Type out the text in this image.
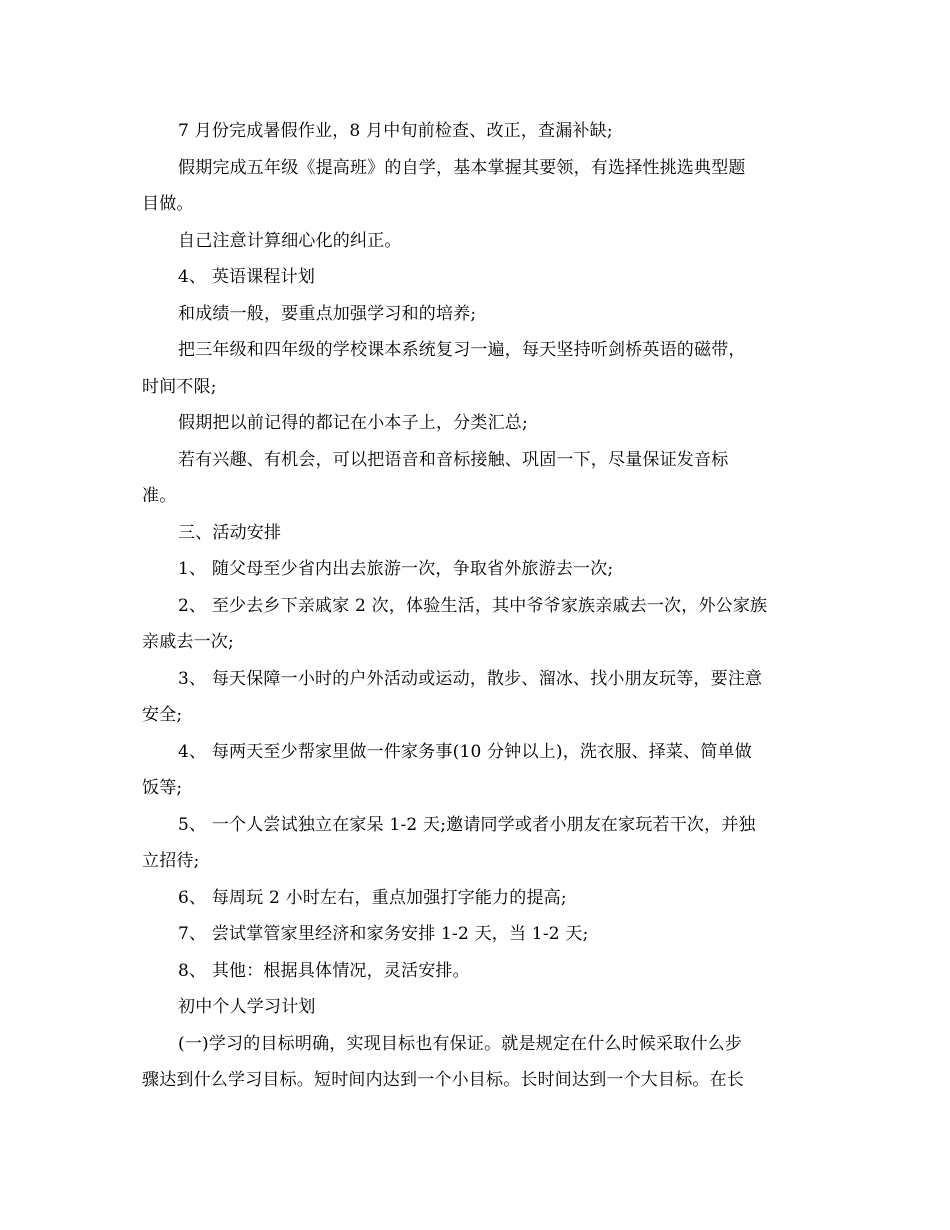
7 月份完成暑假作业，8 月中旬前检查、改正，查漏补缺;
假期完成五年级《提高班》的自学，基本掌握其要领，有选择性挑选典型题
目做。
自己注意计算细心化的纠正。
4、 英语课程计划
和成绩一般，要重点加强学习和的培养;
把三年级和四年级的学校课本系统复习一遍，每天坚持听剑桥英语的磁带，
时间不限;
假期把以前记得的都记在小本子上，分类汇总;
若有兴趣、有机会，可以把语音和音标接触、巩固一下，尽量保证发音标
准。
三、活动安排
1、 随父母至少省内出去旅游一次，争取省外旅游去一次;
2、 至少去乡下亲戚家 2 次，体验生活，其中爷爷家族亲戚去一次，外公家族
亲戚去一次;
3、 每天保障一小时的户外活动或运动，散步、溜冰、找小朋友玩等，要注意
安全;
4、 每两天至少帮家里做一件家务事(10 分钟以上)，洗衣服、择菜、简单做
饭等;
5、 一个人尝试独立在家呆 1-2 天;邀请同学或者小朋友在家玩若干次，并独
立招待;
6、 每周玩 2 小时左右，重点加强打字能力的提高;
7、 尝试掌管家里经济和家务安排 1-2 天，当 1-2 天;
8、 其他：根据具体情况，灵活安排。
初中个人学习计划
(一)学习的目标明确，实现目标也有保证。就是规定在什么时候采取什么步
骤达到什么学习目标。短时间内达到一个小目标。长时间达到一个大目标。在长
